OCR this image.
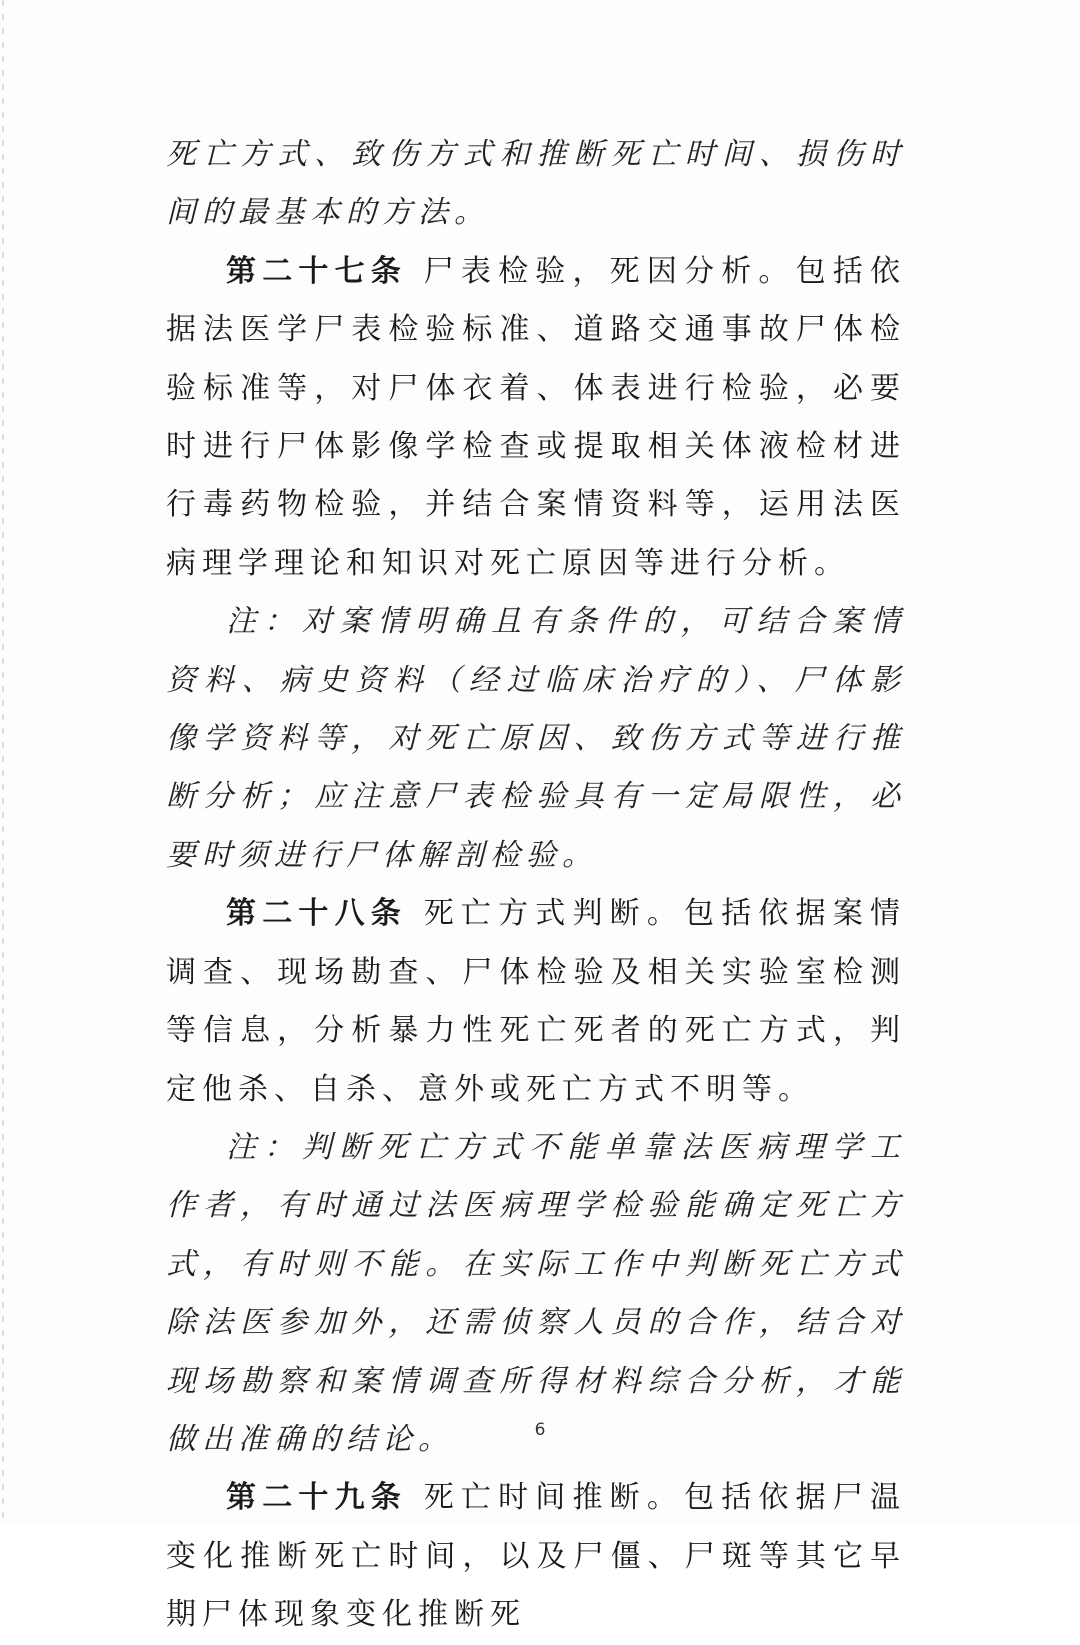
死亡方式、致伤方式和推断死亡时间、损伤时间的最基本的方法。

第二十七条 尸表检验，死因分析。包括依据法医学尸表检验标准、道路交通事故尸体检验标准等，对尸体衣着、体表进行检验，必要时进行尸体影像学检查或提取相关体液检材进行毒药物检验，并结合案情资料等，运用法医病理学理论和知识对死亡原因等进行分析。

注：对案情明确且有条件的，可结合案情资料、病史资料（经过临床治疗的）、尸体影像学资料等，对死亡原因、致伤方式等进行推断分析；应注意尸表检验具有一定局限性，必要时须进行尸体解剖检验。

第二十八条 死亡方式判断。包括依据案情调查、现场勘查、尸体检验及相关实验室检测等信息，分析暴力性死亡死者的死亡方式，判定他杀、自杀、意外或死亡方式不明等。

注：判断死亡方式不能单靠法医病理学工作者，有时通过法医病理学检验能确定死亡方式，有时则不能。在实际工作中判断死亡方式除法医参加外，还需侦察人员的合作，结合对现场勘察和案情调查所得材料综合分析，才能做出准确的结论。

第二十九条 死亡时间推断。包括依据尸温变化推断死亡时间，以及尸僵、尸斑等其它早期尸体现象变化推断死

6
